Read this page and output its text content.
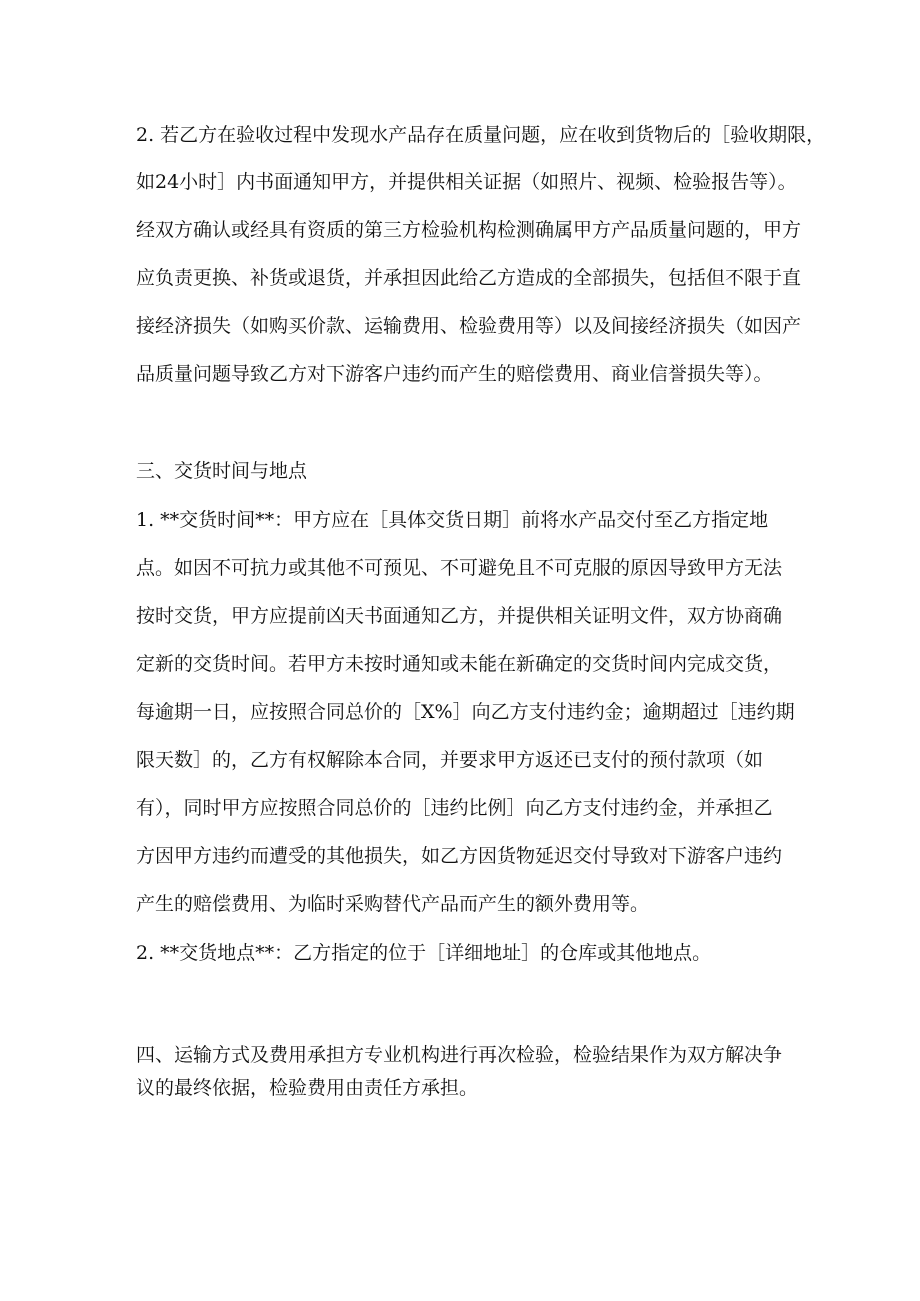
2. 若乙方在验收过程中发现水产品存在质量问题，应在收到货物后的［验收期限，
如24小时］内书面通知甲方，并提供相关证据（如照片、视频、检验报告等）。
经双方确认或经具有资质的第三方检验机构检测确属甲方产品质量问题的，甲方
应负责更换、补货或退货，并承担因此给乙方造成的全部损失，包括但不限于直
接经济损失（如购买价款、运输费用、检验费用等）以及间接经济损失（如因产
品质量问题导致乙方对下游客户违约而产生的赔偿费用、商业信誉损失等）。
三、交货时间与地点
1. **交货时间**：甲方应在［具体交货日期］前将水产品交付至乙方指定地
点。如因不可抗力或其他不可预见、不可避免且不可克服的原因导致甲方无法
按时交货，甲方应提前凶天书面通知乙方，并提供相关证明文件，双方协商确
定新的交货时间。若甲方未按时通知或未能在新确定的交货时间内完成交货，
每逾期一日，应按照合同总价的［X%］向乙方支付违约金；逾期超过［违约期
限天数］的，乙方有权解除本合同，并要求甲方返还已支付的预付款项（如
有），同时甲方应按照合同总价的［违约比例］向乙方支付违约金，并承担乙
方因甲方违约而遭受的其他损失，如乙方因货物延迟交付导致对下游客户违约
产生的赔偿费用、为临时采购替代产品而产生的额外费用等。
2. **交货地点**：乙方指定的位于［详细地址］的仓库或其他地点。
四、运输方式及费用承担方专业机构进行再次检验，检验结果作为双方解决争
议的最终依据，检验费用由责任方承担。
